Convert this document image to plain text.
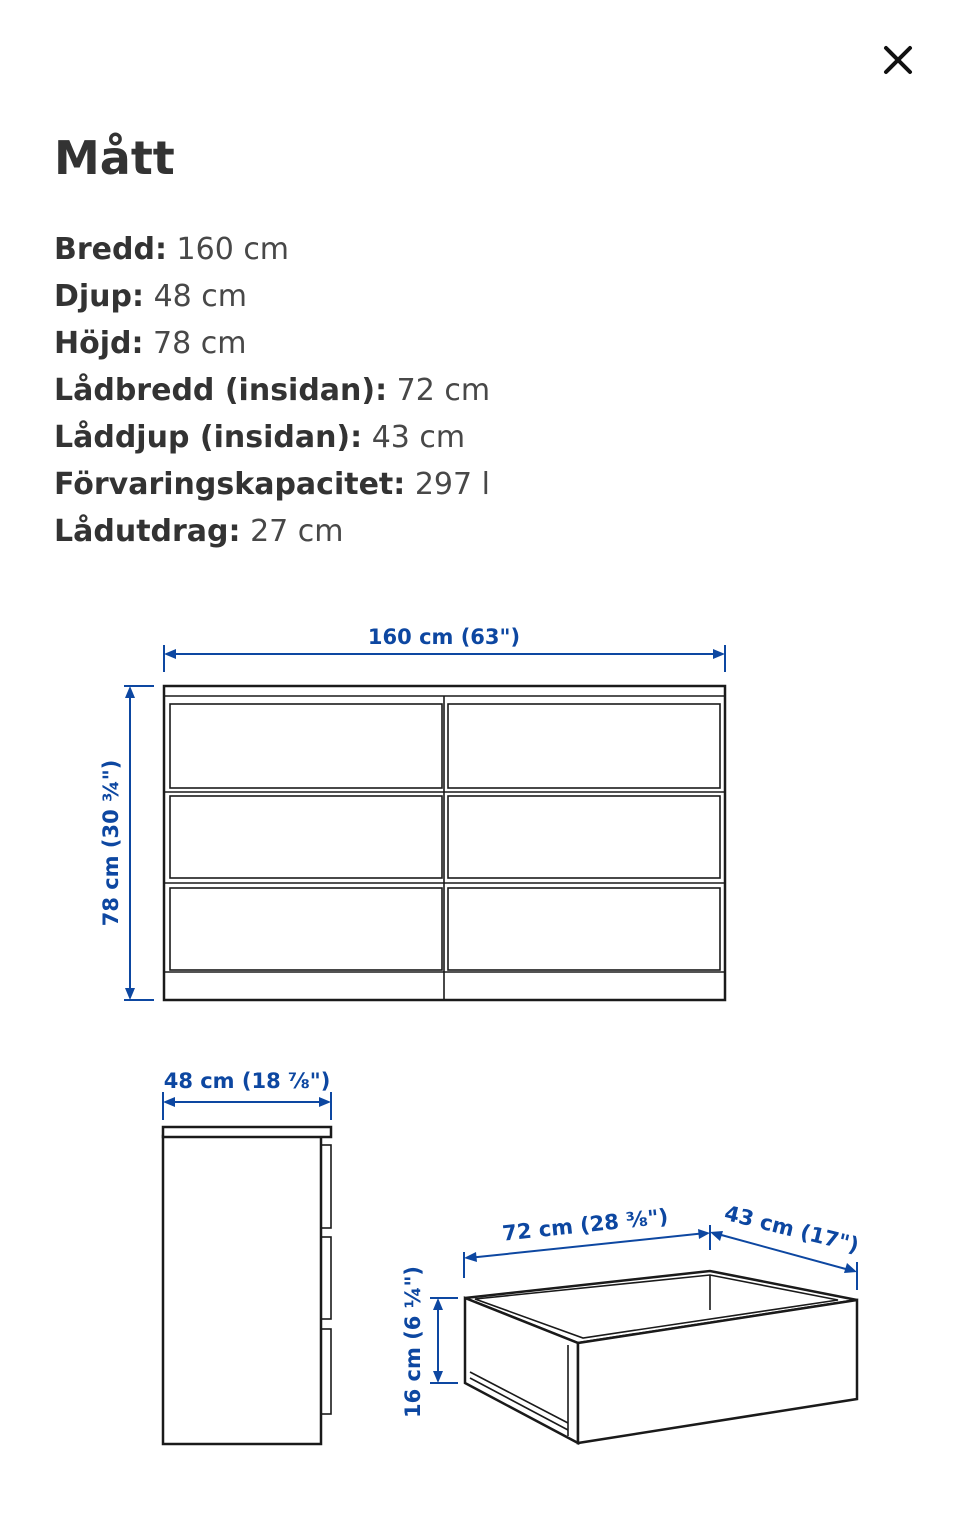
Mått
Bredd: 160 cm
Djup: 48 cm
Höjd: 78 cm
Lådbredd (insidan): 72 cm
Låddjup (insidan): 43 cm
Förvaringskapacitet: 297 l
Lådutdrag: 27 cm
160 cm (63")
78 cm (30 ¾")
48 cm (18 ⅞")
72 cm (28 ⅜")	43 cm (17")
16 cm (6 ¼")
